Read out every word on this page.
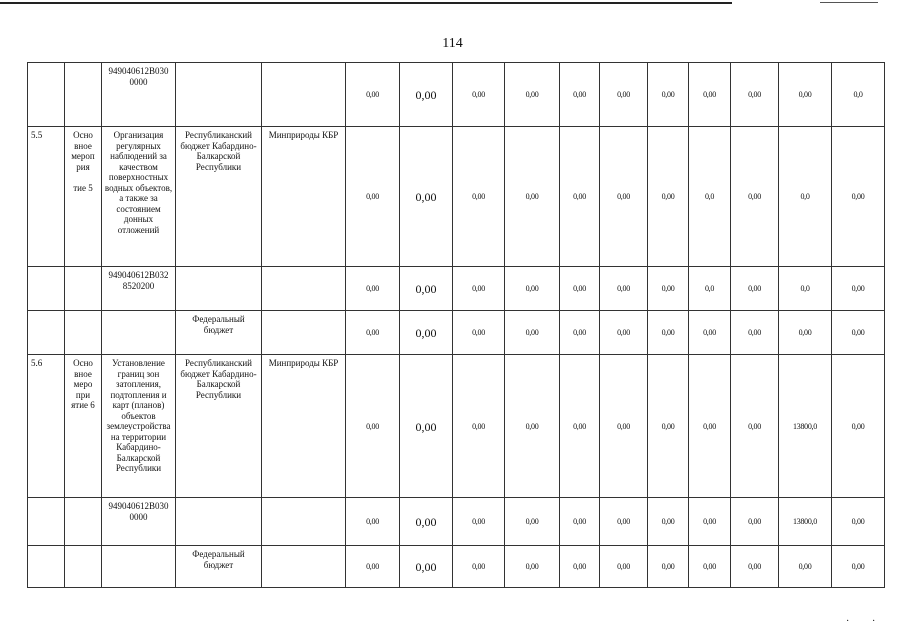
114
		949040612В030
0000			0,00	0,00	0,00	0,00	0,00	0,00	0,00	0,00	0,00	0,00	0,0
5.5	Осно
вное
мероп
рия

тие 5	Организация регулярных наблюдений за качеством поверхностных водных объектов, а также за состоянием донных отложений	Республиканский бюджет Кабардино-Балкарской Республики	Минприроды КБР	0,00	0,00	0,00	0,00	0,00	0,00	0,00	0,0	0,00	0,0	0,00
		949040612В032
8520200			0,00	0,00	0,00	0,00	0,00	0,00	0,00	0,0	0,00	0,0	0,00
			Федеральный бюджет		0,00	0,00	0,00	0,00	0,00	0,00	0,00	0,00	0,00	0,00	0,00
5.6	Осно
вное
меро
при
ятие 6	Установление границ зон затопления, подтопления и карт (планов) объектов землеустройства на территории Кабардино-Балкарской Республики	Республиканский бюджет Кабардино-Балкарской Республики	Минприроды КБР	0,00	0,00	0,00	0,00	0,00	0,00	0,00	0,00	0,00	13800,0	0,00
		949040612В030
0000			0,00	0,00	0,00	0,00	0,00	0,00	0,00	0,00	0,00	13800,0	0,00
			Федеральный бюджет		0,00	0,00	0,00	0,00	0,00	0,00	0,00	0,00	0,00	0,00	0,00
· ·
